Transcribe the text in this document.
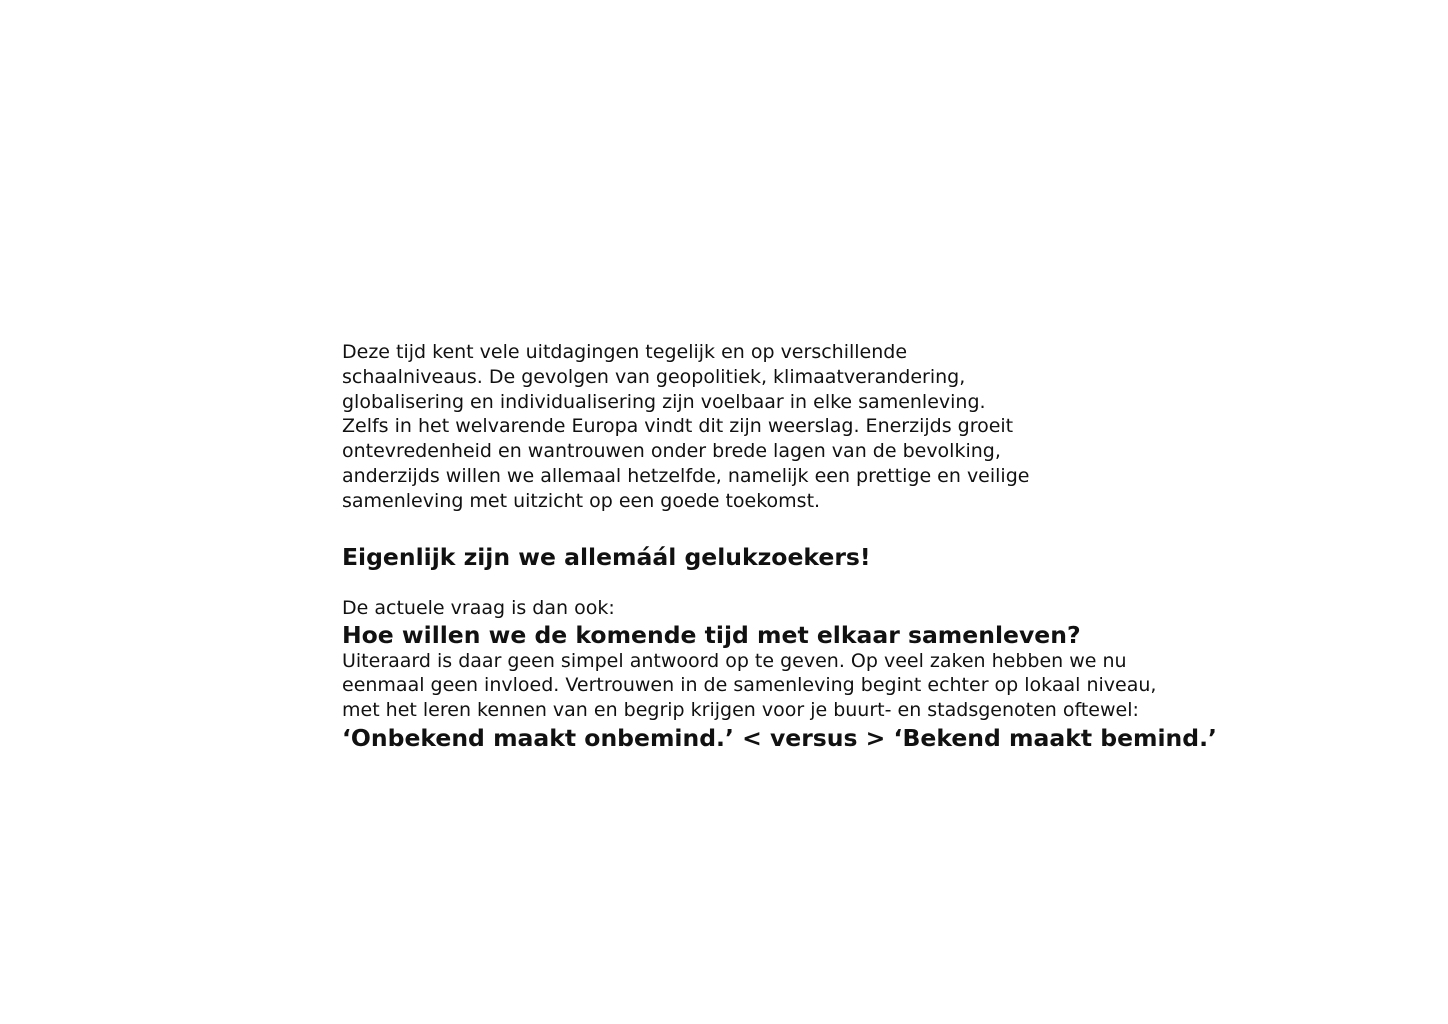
Deze tijd kent vele uitdagingen tegelijk en op verschillende
schaalniveaus. De gevolgen van geopolitiek, klimaatverandering,
globalisering en individualisering zijn voelbaar in elke samenleving.
Zelfs in het welvarende Europa vindt dit zijn weerslag. Enerzijds groeit
ontevredenheid en wantrouwen onder brede lagen van de bevolking,
anderzijds willen we allemaal hetzelfde, namelijk een prettige en veilige
samenleving met uitzicht op een goede toekomst.
Eigenlijk zijn we allemáál gelukzoekers!
De actuele vraag is dan ook:
Hoe willen we de komende tijd met elkaar samenleven?
Uiteraard is daar geen simpel antwoord op te geven. Op veel zaken hebben we nu
eenmaal geen invloed. Vertrouwen in de samenleving begint echter op lokaal niveau,
met het leren kennen van en begrip krijgen voor je buurt- en stadsgenoten oftewel:
‘Onbekend maakt onbemind.’ < versus > ‘Bekend maakt bemind.’
